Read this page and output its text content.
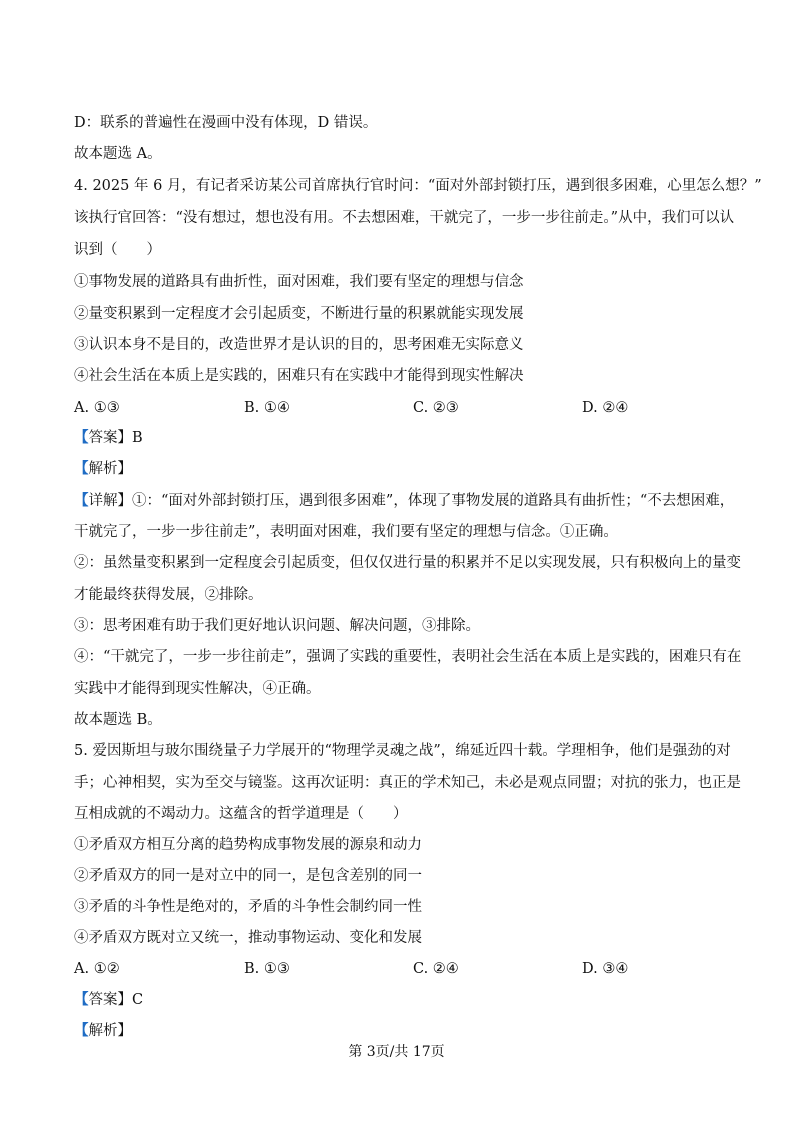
D：联系的普遍性在漫画中没有体现，D 错误。
故本题选 A。
4. 2025 年 6 月，有记者采访某公司首席执行官时问：“面对外部封锁打压，遇到很多困难，心里怎么想？”
该执行官回答：“没有想过，想也没有用。不去想困难，干就完了，一步一步往前走。”从中，我们可以认
识到（　　）
①事物发展的道路具有曲折性，面对困难，我们要有坚定的理想与信念
②量变积累到一定程度才会引起质变，不断进行量的积累就能实现发展
③认识本身不是目的，改造世界才是认识的目的，思考困难无实际意义
④社会生活在本质上是实践的，困难只有在实践中才能得到现实性解决
A. ①③	B. ①④	C. ②③	D. ②④
【答案】B
【解析】
【详解】①：“面对外部封锁打压，遇到很多困难”，体现了事物发展的道路具有曲折性；“不去想困难，
干就完了，一步一步往前走”，表明面对困难，我们要有坚定的理想与信念。①正确。
②：虽然量变积累到一定程度会引起质变，但仅仅进行量的积累并不足以实现发展，只有积极向上的量变
才能最终获得发展，②排除。
③：思考困难有助于我们更好地认识问题、解决问题，③排除。
④：“干就完了，一步一步往前走”，强调了实践的重要性，表明社会生活在本质上是实践的，困难只有在
实践中才能得到现实性解决，④正确。
故本题选 B。
5. 爱因斯坦与玻尔围绕量子力学展开的“物理学灵魂之战”，绵延近四十载。学理相争，他们是强劲的对
手；心神相契，实为至交与镜鉴。这再次证明：真正的学术知己，未必是观点同盟；对抗的张力，也正是
互相成就的不竭动力。这蕴含的哲学道理是（　　）
①矛盾双方相互分离的趋势构成事物发展的源泉和动力
②矛盾双方的同一是对立中的同一，是包含差别的同一
③矛盾的斗争性是绝对的，矛盾的斗争性会制约同一性
④矛盾双方既对立又统一，推动事物运动、变化和发展
A. ①②	B. ①③	C. ②④	D. ③④
【答案】C
【解析】
第 3页/共 17页
